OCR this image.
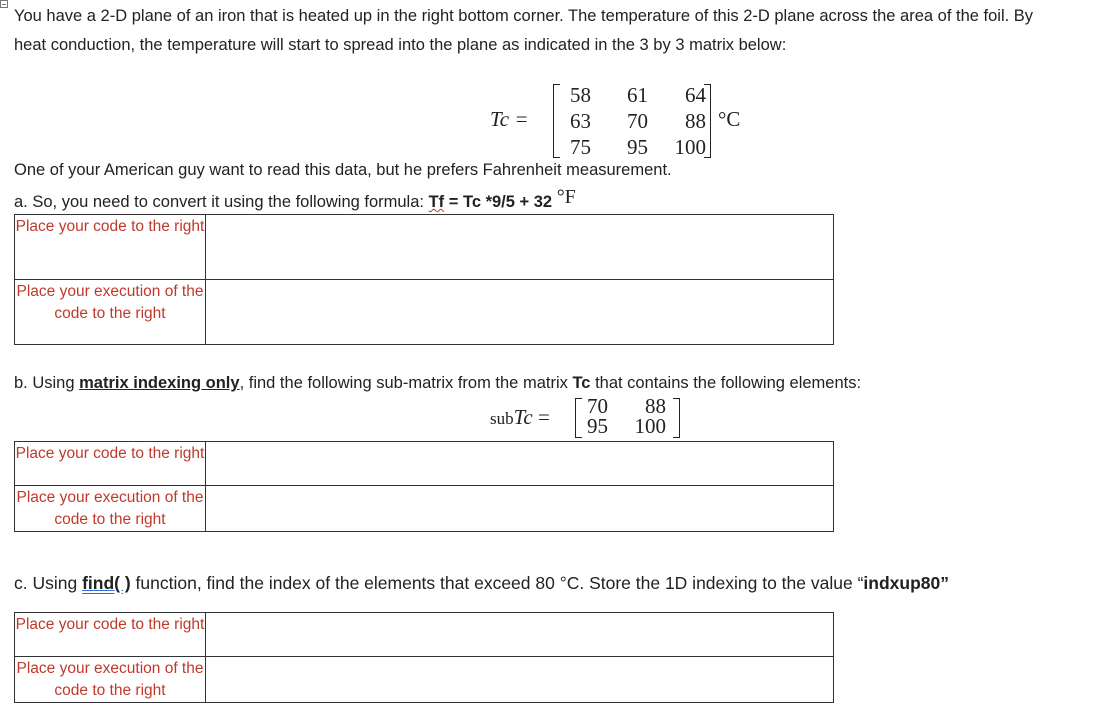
You have a 2-D plane of an iron that is heated up in the right bottom corner. The temperature of this 2-D plane across the area of the foil. By
heat conduction, the temperature will start to spread into the plane as indicated in the 3 by 3 matrix below:
Tc =
58	61	64
63	70	88
75	95	100
°C
One of your American guy want to read this data, but he prefers Fahrenheit measurement.
a. So, you need to convert it using the following formula: Tf = Tc *9/5 + 32 °F
Place your code to the right	
Place your execution of the code to the right	
b. Using matrix indexing only, find the following sub-matrix from the matrix Tc that contains the following elements:
subTc =	70	88
95	100
Place your code to the right	
Place your execution of the code to the right	
c. Using find( ) function, find the index of the elements that exceed 80 °C. Store the 1D indexing to the value “indxup80”
Place your code to the right	
Place your execution of the code to the right	
